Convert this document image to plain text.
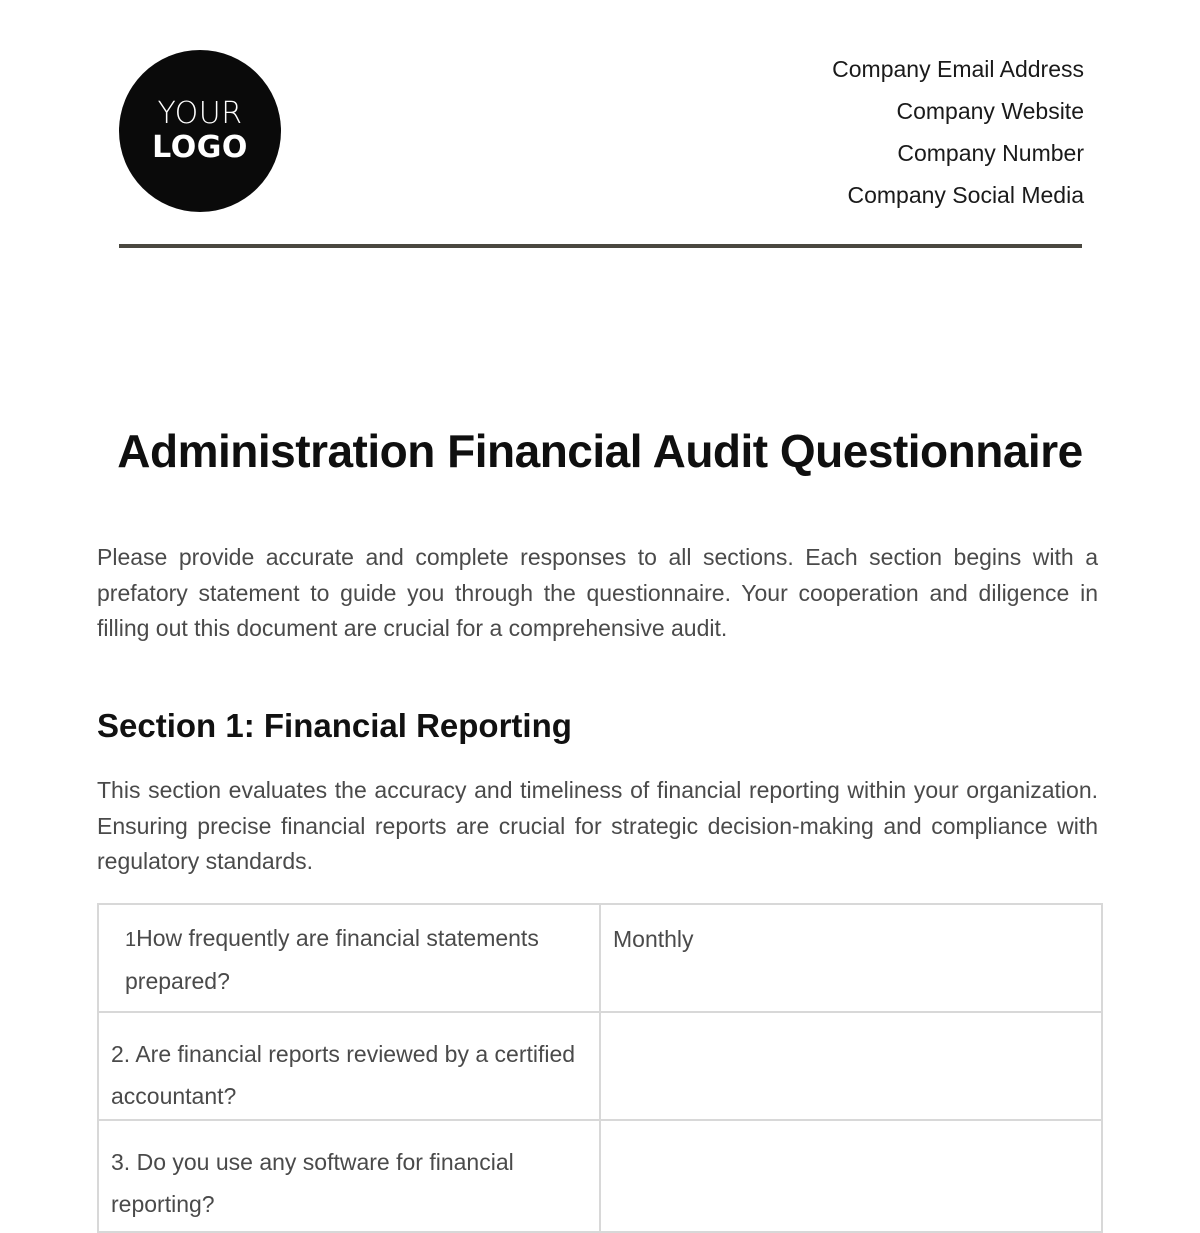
YOUR
LOGO
Company Email Address
Company Website
Company Number
Company Social Media
Administration Financial Audit Questionnaire

Please provide accurate and complete responses to all sections. Each section begins with a prefatory statement to guide you through the questionnaire. Your cooperation and diligence in filling out this document are crucial for a comprehensive audit.

Section 1: Financial Reporting

This section evaluates the accuracy and timeliness of financial reporting within your organization. Ensuring precise financial reports are crucial for strategic decision-making and compliance with regulatory standards.

1How frequently are financial statements prepared?	Monthly

2. Are financial reports reviewed by a certified accountant?	

3. Do you use any software for financial reporting?	
